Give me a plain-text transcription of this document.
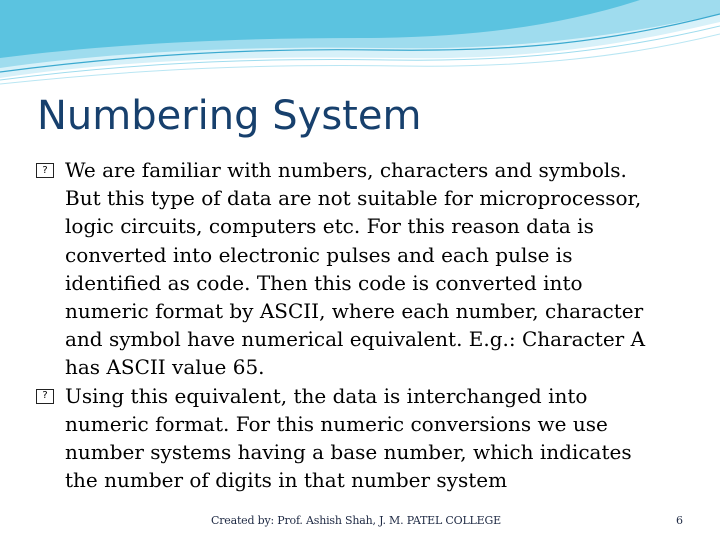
Numbering System
? We are familiar with numbers, characters and symbols.
But this type of data are not suitable for microprocessor,
logic circuits, computers etc. For this reason data is
converted into electronic pulses and each pulse is
identified as code. Then this code is converted into
numeric format by ASCII, where each number, character
and symbol have numerical equivalent. E.g.: Character A
has ASCII value 65.
? Using this equivalent, the data is interchanged into
numeric format. For this numeric conversions we use
number systems having a base number, which indicates
the number of digits in that number system
Created by: Prof. Ashish Shah, J. M. PATEL COLLEGE	6
